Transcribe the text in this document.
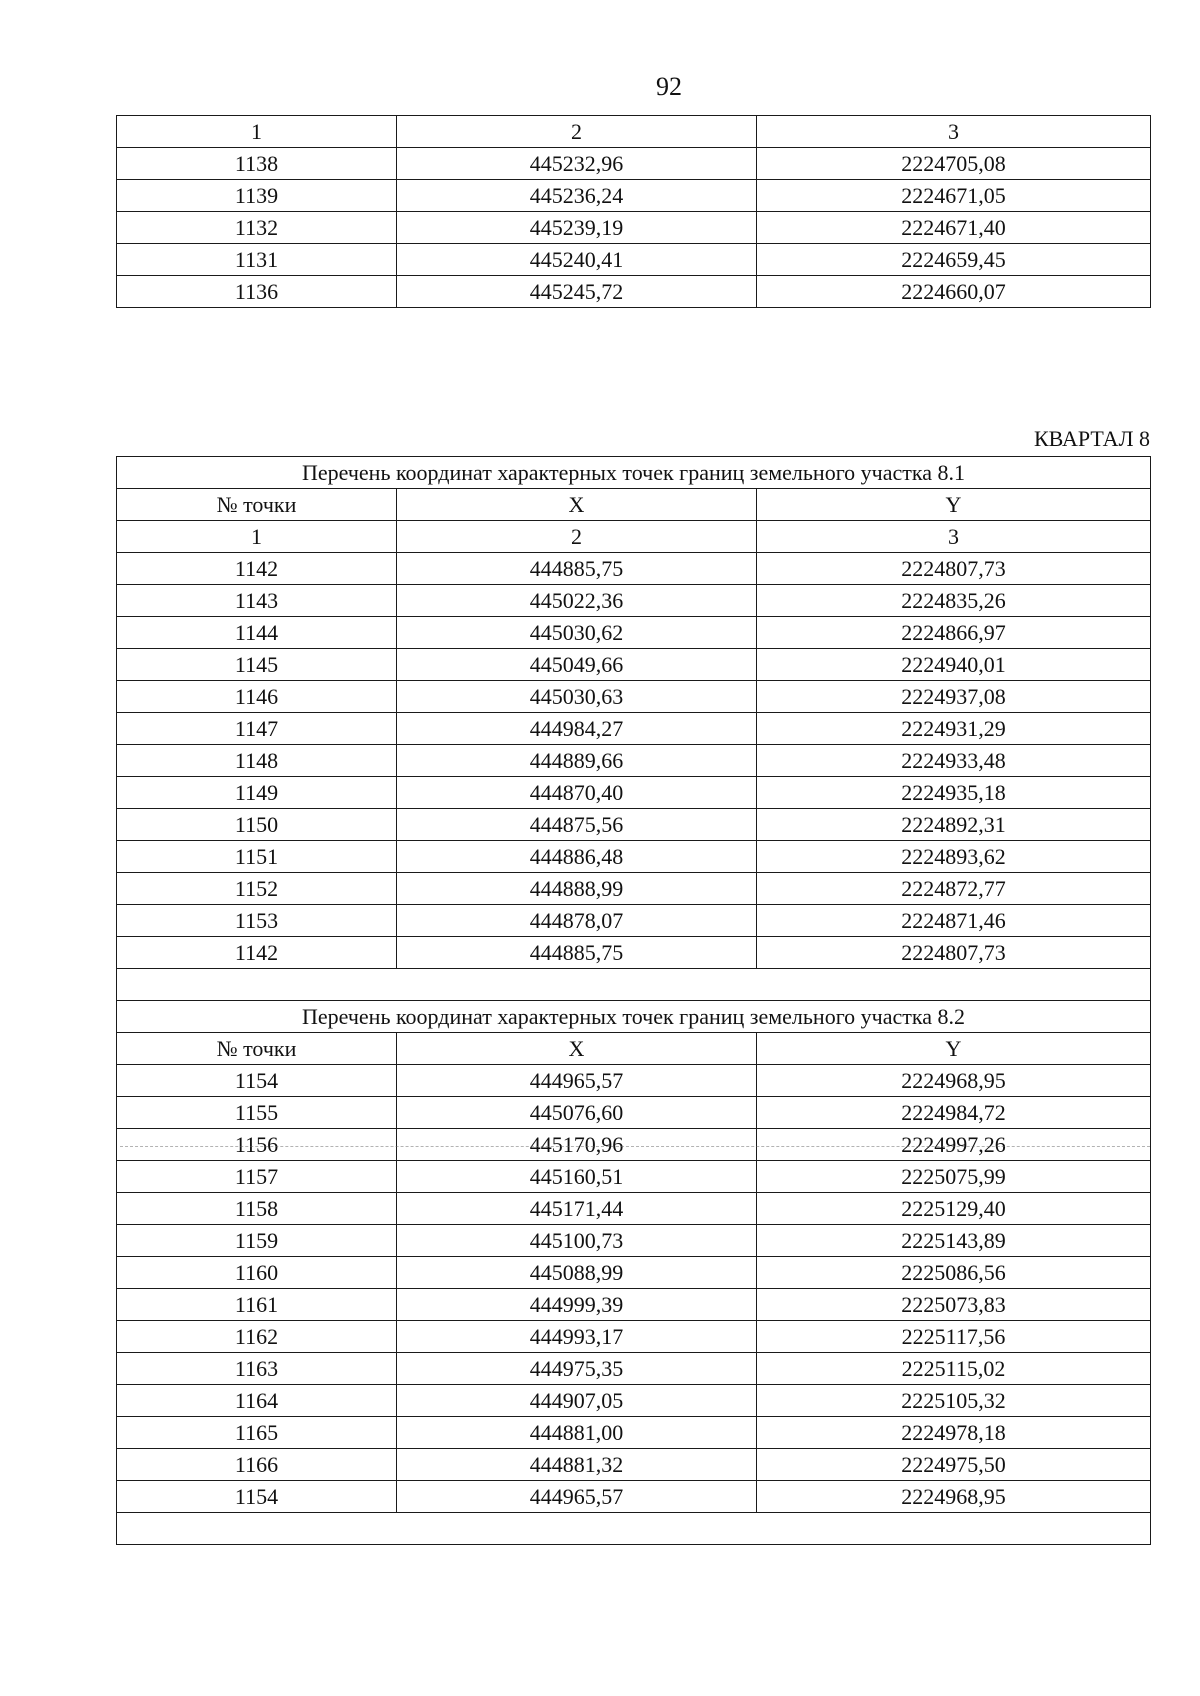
92
1	2	3
1138	445232,96	2224705,08
1139	445236,24	2224671,05
1132	445239,19	2224671,40
1131	445240,41	2224659,45
1136	445245,72	2224660,07
КВАРТАЛ 8
Перечень координат характерных точек границ земельного участка 8.1		
№ точки	X	Y
1	2	3
1142	444885,75	2224807,73
1143	445022,36	2224835,26
1144	445030,62	2224866,97
1145	445049,66	2224940,01
1146	445030,63	2224937,08
1147	444984,27	2224931,29
1148	444889,66	2224933,48
1149	444870,40	2224935,18
1150	444875,56	2224892,31
1151	444886,48	2224893,62
1152	444888,99	2224872,77
1153	444878,07	2224871,46
1142	444885,75	2224807,73

Перечень координат характерных точек границ земельного участка 8.2		
№ точки	X	Y
1154	444965,57	2224968,95
1155	445076,60	2224984,72
1156	445170,96	2224997,26
1157	445160,51	2225075,99
1158	445171,44	2225129,40
1159	445100,73	2225143,89
1160	445088,99	2225086,56
1161	444999,39	2225073,83
1162	444993,17	2225117,56
1163	444975,35	2225115,02
1164	444907,05	2225105,32
1165	444881,00	2224978,18
1166	444881,32	2224975,50
1154	444965,57	2224968,95
